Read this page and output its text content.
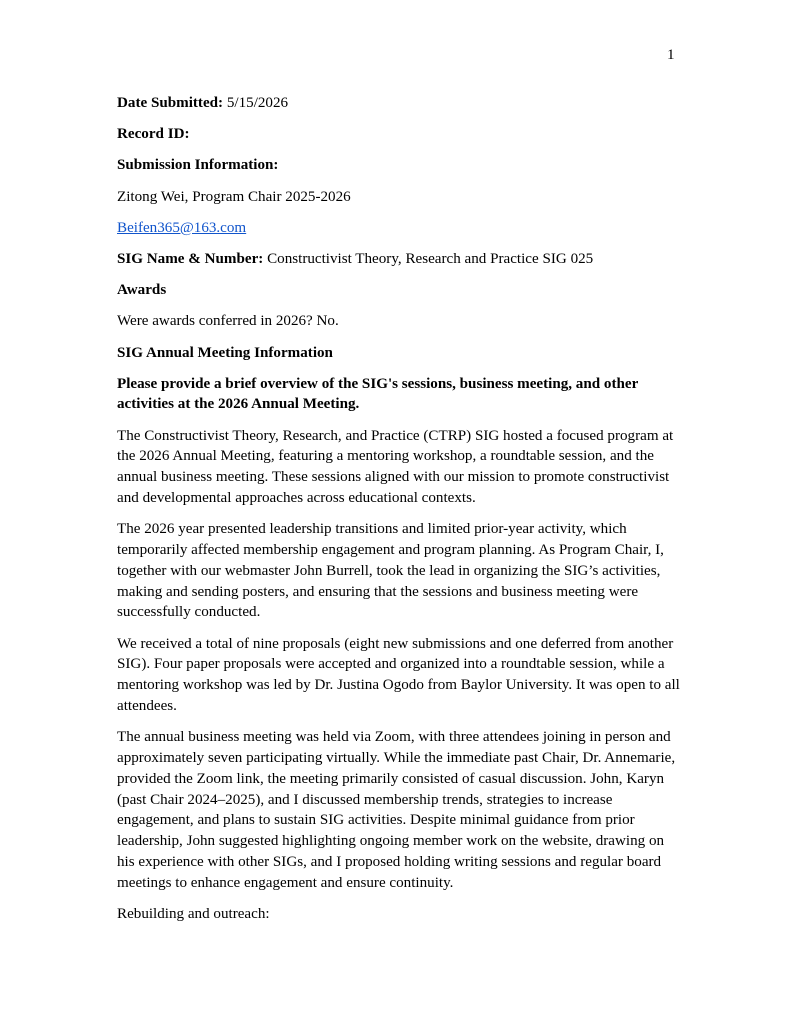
1

Date Submitted: 5/15/2026

Record ID:

Submission Information:

Zitong Wei, Program Chair 2025-2026

Beifen365@163.com

SIG Name & Number: Constructivist Theory, Research and Practice SIG 025

Awards

Were awards conferred in 2026? No.

SIG Annual Meeting Information

Please provide a brief overview of the SIG's sessions, business meeting, and other activities at the 2026 Annual Meeting.

The Constructivist Theory, Research, and Practice (CTRP) SIG hosted a focused program at the 2026 Annual Meeting, featuring a mentoring workshop, a roundtable session, and the annual business meeting. These sessions aligned with our mission to promote constructivist and developmental approaches across educational contexts.

The 2026 year presented leadership transitions and limited prior-year activity, which temporarily affected membership engagement and program planning. As Program Chair, I, together with our webmaster John Burrell, took the lead in organizing the SIG’s activities, making and sending posters, and ensuring that the sessions and business meeting were successfully conducted.

We received a total of nine proposals (eight new submissions and one deferred from another SIG). Four paper proposals were accepted and organized into a roundtable session, while a mentoring workshop was led by Dr. Justina Ogodo from Baylor University. It was open to all attendees.

The annual business meeting was held via Zoom, with three attendees joining in person and approximately seven participating virtually. While the immediate past Chair, Dr. Annemarie, provided the Zoom link, the meeting primarily consisted of casual discussion. John, Karyn (past Chair 2024–2025), and I discussed membership trends, strategies to increase engagement, and plans to sustain SIG activities. Despite minimal guidance from prior leadership, John suggested highlighting ongoing member work on the website, drawing on his experience with other SIGs, and I proposed holding writing sessions and regular board meetings to enhance engagement and ensure continuity.

Rebuilding and outreach:
